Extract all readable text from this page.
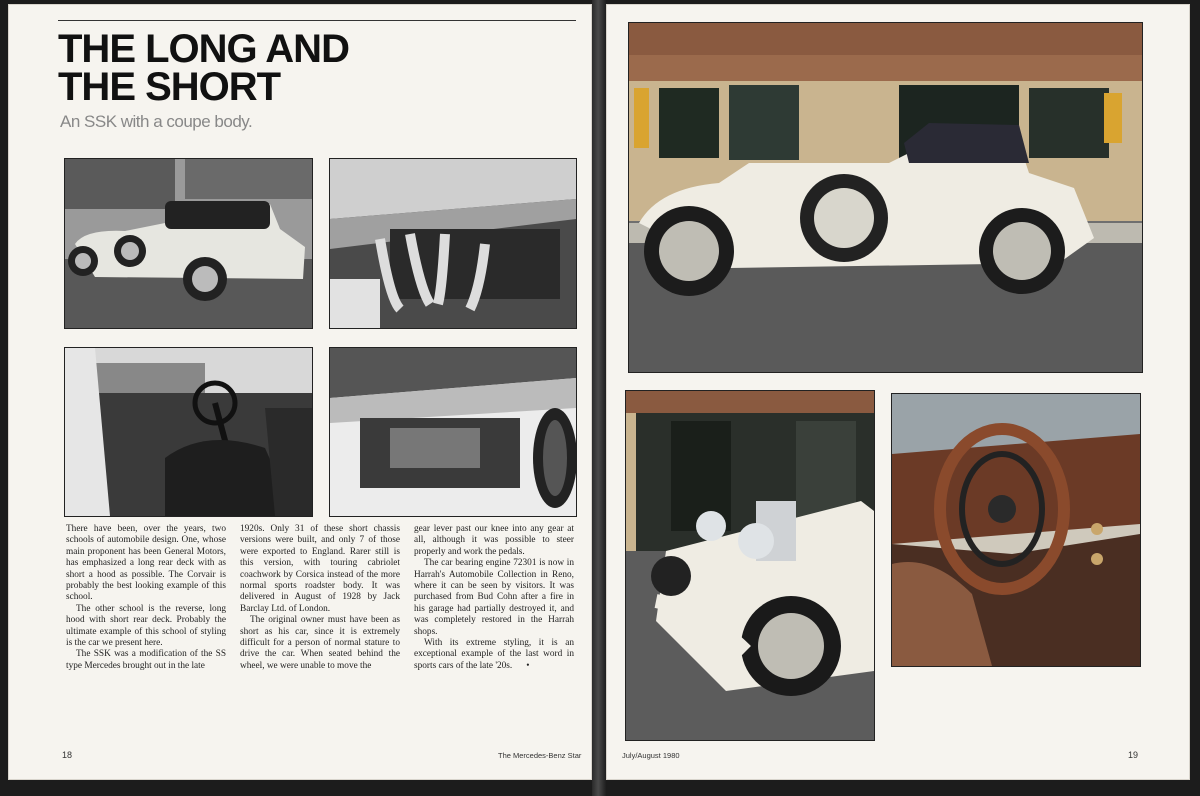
THE LONG AND THE SHORT
An SSK with a coupe body.

There have been, over the years, two schools of automobile design. One, whose main proponent has been General Motors, has emphasized a long rear deck with as short a hood as possible. The Corvair is probably the best looking example of this school.

The other school is the reverse, long hood with short rear deck. Probably the ultimate example of this school of styling is the car we present here.

The SSK was a modification of the SS type Mercedes brought out in the late

1920s. Only 31 of these short chassis versions were built, and only 7 of those were exported to England. Rarer still is this version, with touring cabriolet coachwork by Corsica instead of the more normal sports roadster body. It was delivered in August of 1928 by Jack Barclay Ltd. of London.

The original owner must have been as short as his car, since it is extremely difficult for a person of normal stature to drive the car. When seated behind the wheel, we were unable to move the

gear lever past our knee into any gear at all, although it was possible to steer properly and work the pedals.

The car bearing engine 72301 is now in Harrah's Automobile Collection in Reno, where it can be seen by visitors. It was purchased from Bud Cohn after a fire in his garage had partially destroyed it, and was completely restored in the Harrah shops.

With its extreme styling, it is an exceptional example of the last word in sports cars of the late '20s. •

18	The Mercedes-Benz Star	July/August 1980	19
